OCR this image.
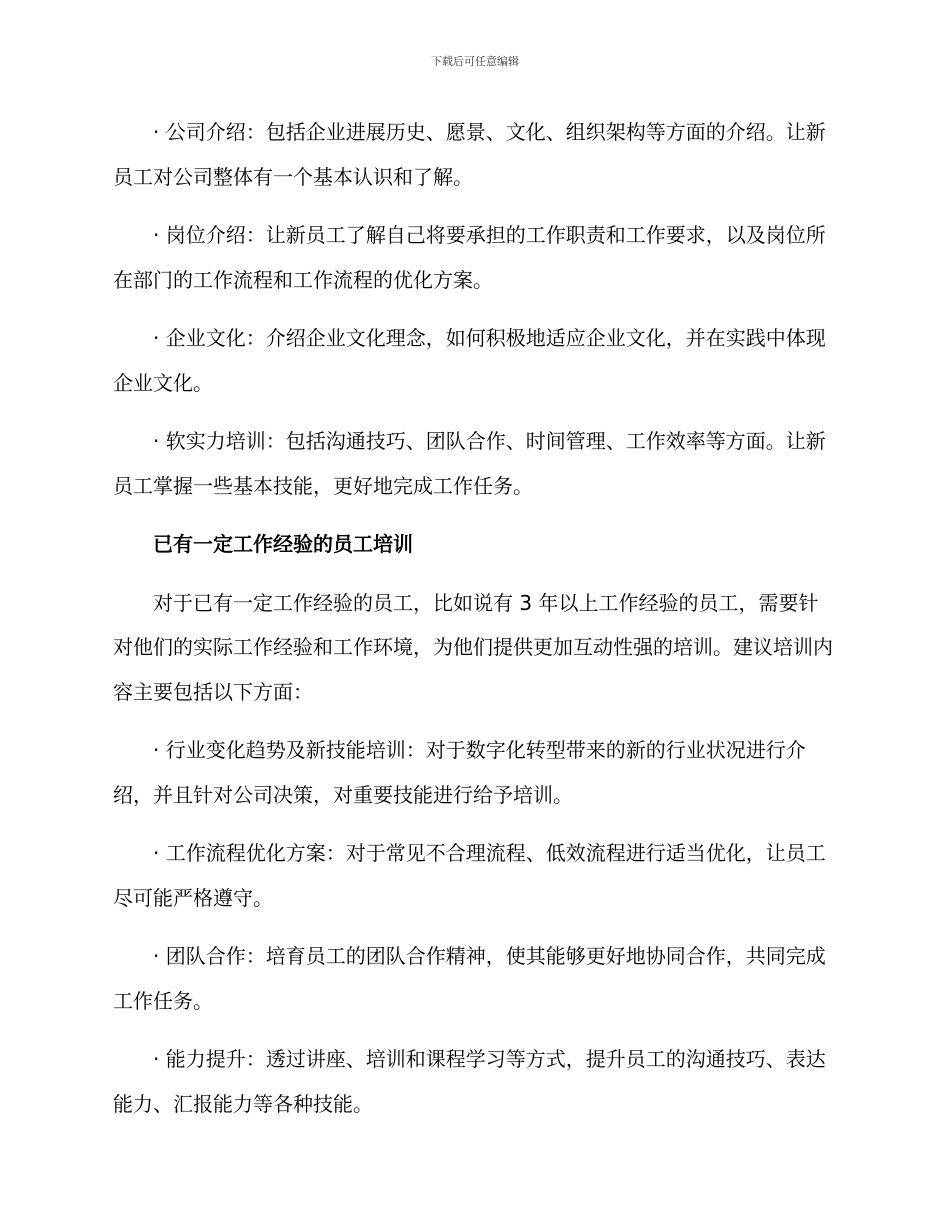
下载后可任意编辑

· 公司介绍：包括企业进展历史、愿景、文化、组织架构等方面的介绍。让新员工对公司整体有一个基本认识和了解。

· 岗位介绍：让新员工了解自己将要承担的工作职责和工作要求，以及岗位所在部门的工作流程和工作流程的优化方案。

· 企业文化：介绍企业文化理念，如何积极地适应企业文化，并在实践中体现企业文化。

· 软实力培训：包括沟通技巧、团队合作、时间管理、工作效率等方面。让新员工掌握一些基本技能，更好地完成工作任务。

已有一定工作经验的员工培训

对于已有一定工作经验的员工，比如说有 3 年以上工作经验的员工，需要针对他们的实际工作经验和工作环境，为他们提供更加互动性强的培训。建议培训内容主要包括以下方面：

· 行业变化趋势及新技能培训：对于数字化转型带来的新的行业状况进行介绍，并且针对公司决策，对重要技能进行给予培训。

· 工作流程优化方案：对于常见不合理流程、低效流程进行适当优化，让员工尽可能严格遵守。

· 团队合作：培育员工的团队合作精神，使其能够更好地协同合作，共同完成工作任务。

· 能力提升：透过讲座、培训和课程学习等方式，提升员工的沟通技巧、表达能力、汇报能力等各种技能。
